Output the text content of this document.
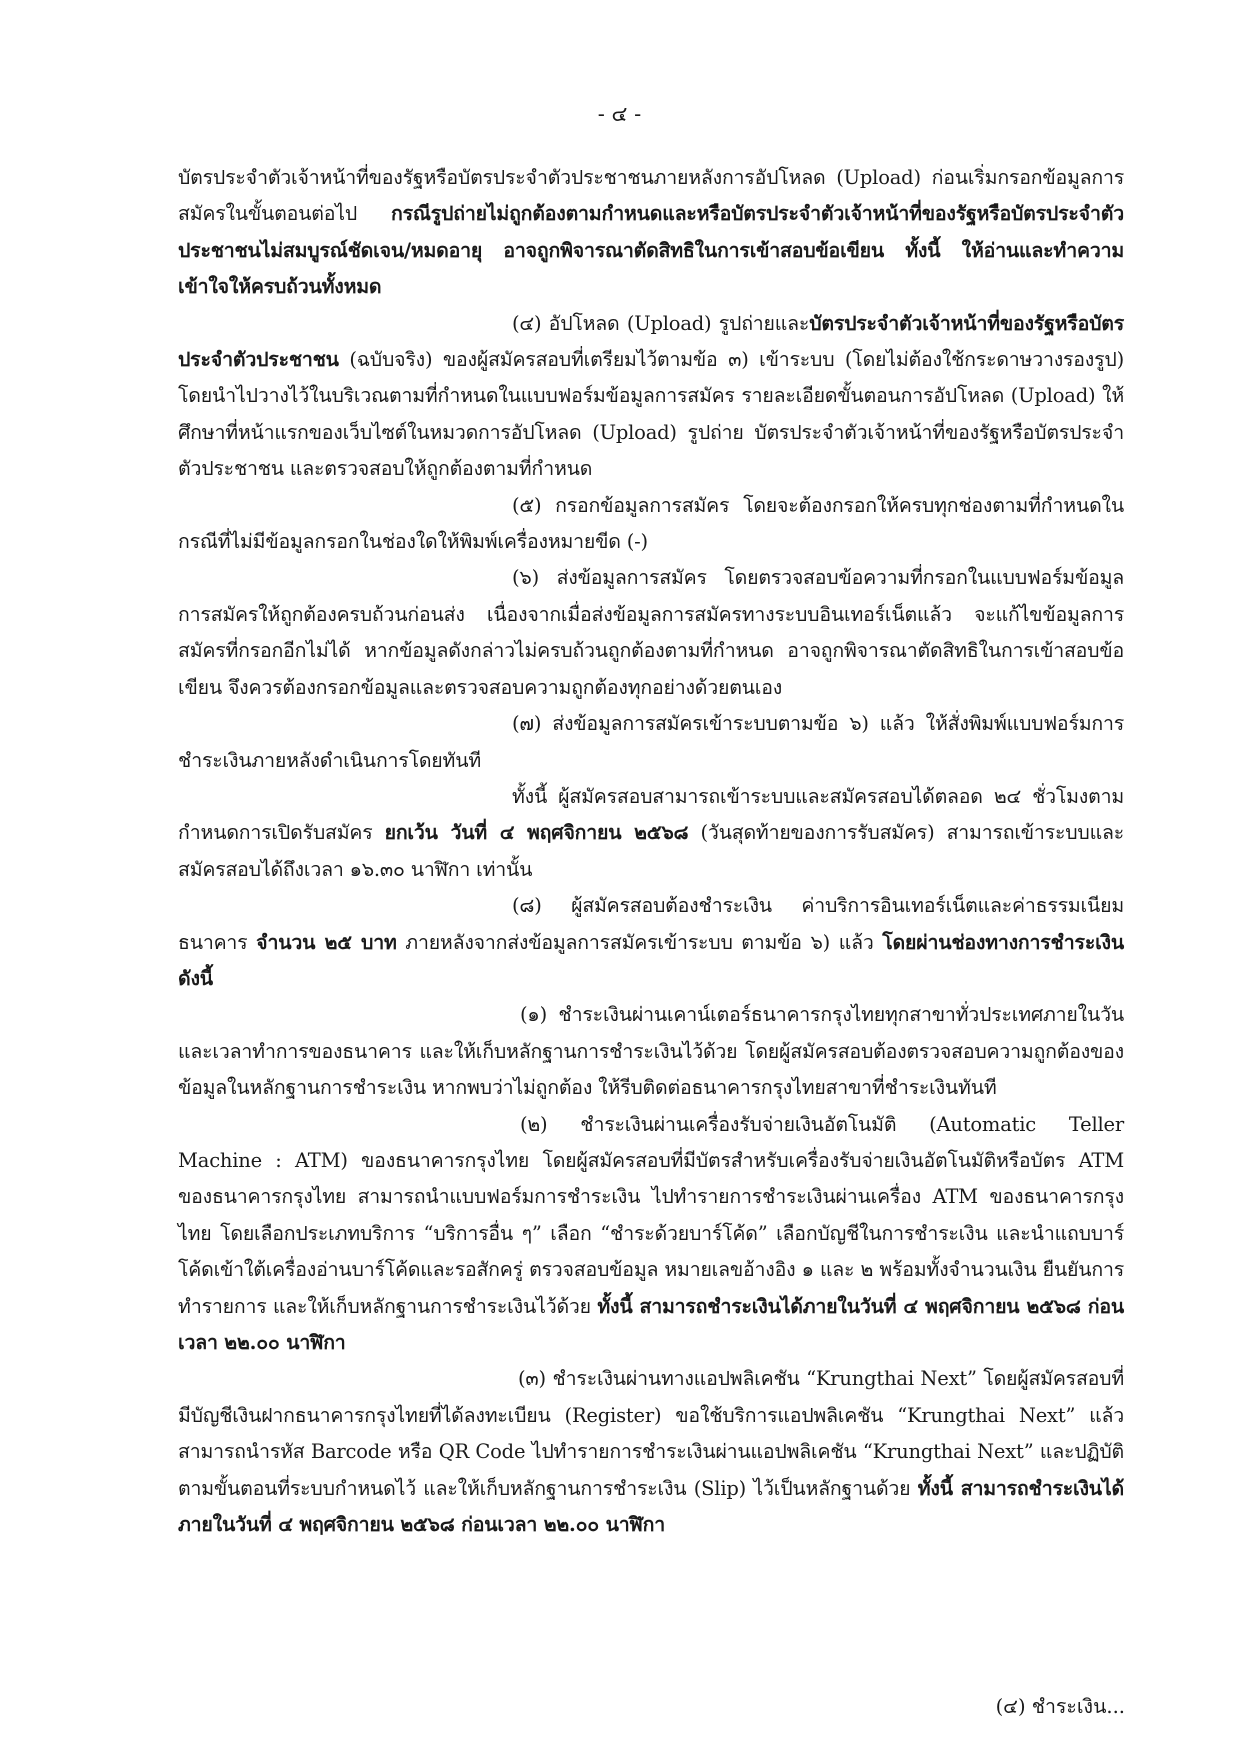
- ๔ -

บัตรประจำตัวเจ้าหน้าที่ของรัฐหรือบัตรประจำตัวประชาชนภายหลังการอัปโหลด (Upload) ก่อนเริ่มกรอกข้อมูลการสมัครในขั้นตอนต่อไป กรณีรูปถ่ายไม่ถูกต้องตามกำหนดและหรือบัตรประจำตัวเจ้าหน้าที่ของรัฐหรือบัตรประจำตัวประชาชนไม่สมบูรณ์ชัดเจน/หมดอายุ อาจถูกพิจารณาตัดสิทธิในการเข้าสอบข้อเขียน ทั้งนี้ ให้อ่านและทำความเข้าใจให้ครบถ้วนทั้งหมด

(๔) อัปโหลด (Upload) รูปถ่ายและบัตรประจำตัวเจ้าหน้าที่ของรัฐหรือบัตรประจำตัวประชาชน (ฉบับจริง) ของผู้สมัครสอบที่เตรียมไว้ตามข้อ ๓) เข้าระบบ (โดยไม่ต้องใช้กระดาษวางรองรูป) โดยนำไปวางไว้ในบริเวณตามที่กำหนดในแบบฟอร์มข้อมูลการสมัคร รายละเอียดขั้นตอนการอัปโหลด (Upload) ให้ศึกษาที่หน้าแรกของเว็บไซต์ในหมวดการอัปโหลด (Upload) รูปถ่าย บัตรประจำตัวเจ้าหน้าที่ของรัฐหรือบัตรประจำตัวประชาชน และตรวจสอบให้ถูกต้องตามที่กำหนด

(๕) กรอกข้อมูลการสมัคร โดยจะต้องกรอกให้ครบทุกช่องตามที่กำหนดในกรณีที่ไม่มีข้อมูลกรอกในช่องใดให้พิมพ์เครื่องหมายขีด (-)

(๖) ส่งข้อมูลการสมัคร โดยตรวจสอบข้อความที่กรอกในแบบฟอร์มข้อมูลการสมัครให้ถูกต้องครบถ้วนก่อนส่ง เนื่องจากเมื่อส่งข้อมูลการสมัครทางระบบอินเทอร์เน็ตแล้ว จะแก้ไขข้อมูลการสมัครที่กรอกอีกไม่ได้ หากข้อมูลดังกล่าวไม่ครบถ้วนถูกต้องตามที่กำหนด อาจถูกพิจารณาตัดสิทธิในการเข้าสอบข้อเขียน จึงควรต้องกรอกข้อมูลและตรวจสอบความถูกต้องทุกอย่างด้วยตนเอง

(๗) ส่งข้อมูลการสมัครเข้าระบบตามข้อ ๖) แล้ว ให้สั่งพิมพ์แบบฟอร์มการชำระเงินภายหลังดำเนินการโดยทันที

ทั้งนี้ ผู้สมัครสอบสามารถเข้าระบบและสมัครสอบได้ตลอด ๒๔ ชั่วโมงตามกำหนดการเปิดรับสมัคร ยกเว้น วันที่ ๔ พฤศจิกายน ๒๕๖๘ (วันสุดท้ายของการรับสมัคร) สามารถเข้าระบบและสมัครสอบได้ถึงเวลา ๑๖.๓๐ นาฬิกา เท่านั้น

(๘) ผู้สมัครสอบต้องชำระเงิน ค่าบริการอินเทอร์เน็ตและค่าธรรมเนียมธนาคาร จำนวน ๒๕ บาท ภายหลังจากส่งข้อมูลการสมัครเข้าระบบ ตามข้อ ๖) แล้ว โดยผ่านช่องทางการชำระเงิน ดังนี้

(๑) ชำระเงินผ่านเคาน์เตอร์ธนาคารกรุงไทยทุกสาขาทั่วประเทศภายในวันและเวลาทำการของธนาคาร และให้เก็บหลักฐานการชำระเงินไว้ด้วย โดยผู้สมัครสอบต้องตรวจสอบความถูกต้องของข้อมูลในหลักฐานการชำระเงิน หากพบว่าไม่ถูกต้อง ให้รีบติดต่อธนาคารกรุงไทยสาขาที่ชำระเงินทันที

(๒) ชำระเงินผ่านเครื่องรับจ่ายเงินอัตโนมัติ (Automatic Teller Machine : ATM) ของธนาคารกรุงไทย โดยผู้สมัครสอบที่มีบัตรสำหรับเครื่องรับจ่ายเงินอัตโนมัติหรือบัตร ATM ของธนาคารกรุงไทย สามารถนำแบบฟอร์มการชำระเงิน ไปทำรายการชำระเงินผ่านเครื่อง ATM ของธนาคารกรุงไทย โดยเลือกประเภทบริการ “บริการอื่น ๆ” เลือก “ชำระด้วยบาร์โค้ด” เลือกบัญชีในการชำระเงิน และนำแถบบาร์โค้ดเข้าใต้เครื่องอ่านบาร์โค้ดและรอสักครู่ ตรวจสอบข้อมูล หมายเลขอ้างอิง ๑ และ ๒ พร้อมทั้งจำนวนเงิน ยืนยันการทำรายการ และให้เก็บหลักฐานการชำระเงินไว้ด้วย ทั้งนี้ สามารถชำระเงินได้ภายในวันที่ ๔ พฤศจิกายน ๒๕๖๘ ก่อนเวลา ๒๒.๐๐ นาฬิกา

(๓) ชำระเงินผ่านทางแอปพลิเคชัน “Krungthai Next” โดยผู้สมัครสอบที่มีบัญชีเงินฝากธนาคารกรุงไทยที่ได้ลงทะเบียน (Register) ขอใช้บริการแอปพลิเคชัน “Krungthai Next” แล้ว สามารถนำรหัส Barcode หรือ QR Code ไปทำรายการชำระเงินผ่านแอปพลิเคชัน “Krungthai Next” และปฏิบัติตามขั้นตอนที่ระบบกำหนดไว้ และให้เก็บหลักฐานการชำระเงิน (Slip) ไว้เป็นหลักฐานด้วย ทั้งนี้ สามารถชำระเงินได้ภายในวันที่ ๔ พฤศจิกายน ๒๕๖๘ ก่อนเวลา ๒๒.๐๐ นาฬิกา

(๔) ชำระเงิน...
